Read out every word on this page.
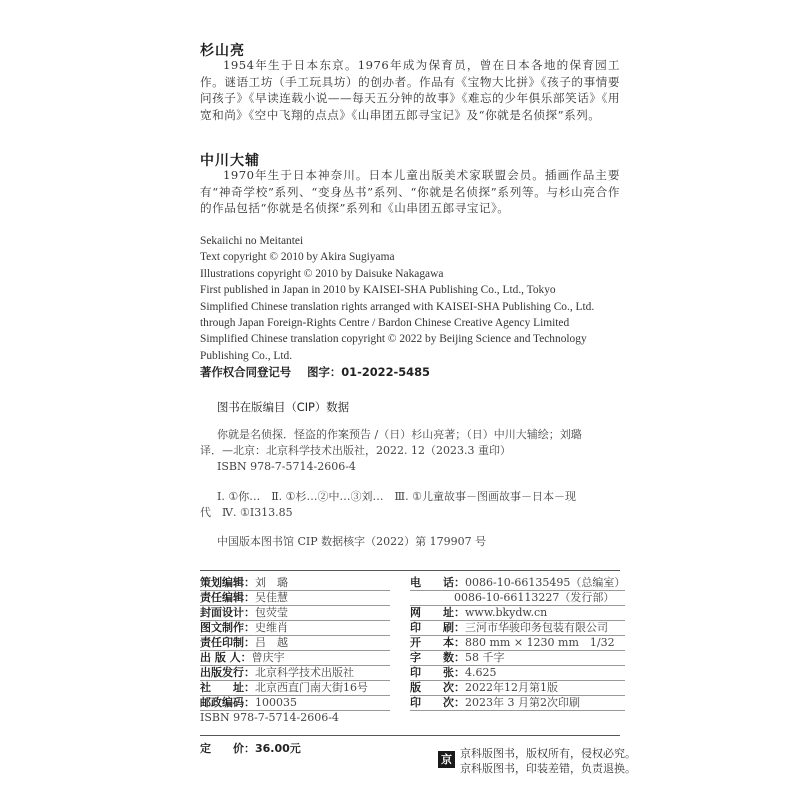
杉山亮
1954年生于日本东京。1976年成为保育员，曾在日本各地的保育园工作。谜语工坊（手工玩具坊）的创办者。作品有《宝物大比拼》《孩子的事情要问孩子》《早读连载小说——每天五分钟的故事》《难忘的少年俱乐部笑话》《用宽和尚》《空中飞翔的点点》《山串团五郎寻宝记》及“你就是名侦探”系列。
中川大辅
1970年生于日本神奈川。日本儿童出版美术家联盟会员。插画作品主要有“神奇学校”系列、“变身丛书”系列、“你就是名侦探”系列等。与杉山亮合作的作品包括“你就是名侦探”系列和《山串团五郎寻宝记》。
Sekaiichi no Meitantei
Text copyright © 2010 by Akira Sugiyama
Illustrations copyright © 2010 by Daisuke Nakagawa
First published in Japan in 2010 by KAISEI-SHA Publishing Co., Ltd., Tokyo
Simplified Chinese translation rights arranged with KAISEI-SHA Publishing Co., Ltd.
through Japan Foreign-Rights Centre / Bardon Chinese Creative Agency Limited
Simplified Chinese translation copyright © 2022 by Beijing Science and Technology
Publishing Co., Ltd.
著作权合同登记号 图字：01-2022-5485
图书在版编目（CIP）数据
你就是名侦探．怪盗的作案预告 /（日）杉山亮著；（日）中川大辅绘；刘璐
译．—北京：北京科学技术出版社，2022. 12（2023.3 重印）
ISBN 978-7-5714-2606-4
Ⅰ. ①你…　Ⅱ. ①杉…②中…③刘…　Ⅲ. ①儿童故事－图画故事－日本－现
代　Ⅳ. ①I313.85
中国版本图书馆 CIP 数据核字（2022）第 179907 号
策划编辑：刘　璐
责任编辑：吴佳慧
封面设计：包荧莹
图文制作：史维肖
责任印制：吕　越
出 版 人：曾庆宇
出版发行：北京科学技术出版社
社　　址：北京西直门南大街16号
邮政编码：100035
ISBN 978-7-5714-2606-4
电　　话：0086-10-66135495（总编室）
0086-10-66113227（发行部）
网　　址：www.bkydw.cn
印　　刷：三河市华骏印务包装有限公司
开　　本：880 mm × 1230 mm　1/32
字　　数：58 千字
印　　张：4.625
版　　次：2022年12月第1版
印　　次：2023年 3 月第2次印刷
定　　价：36.00元
京 京科版图书，版权所有，侵权必究。
京科版图书，印装差错，负责退换。
